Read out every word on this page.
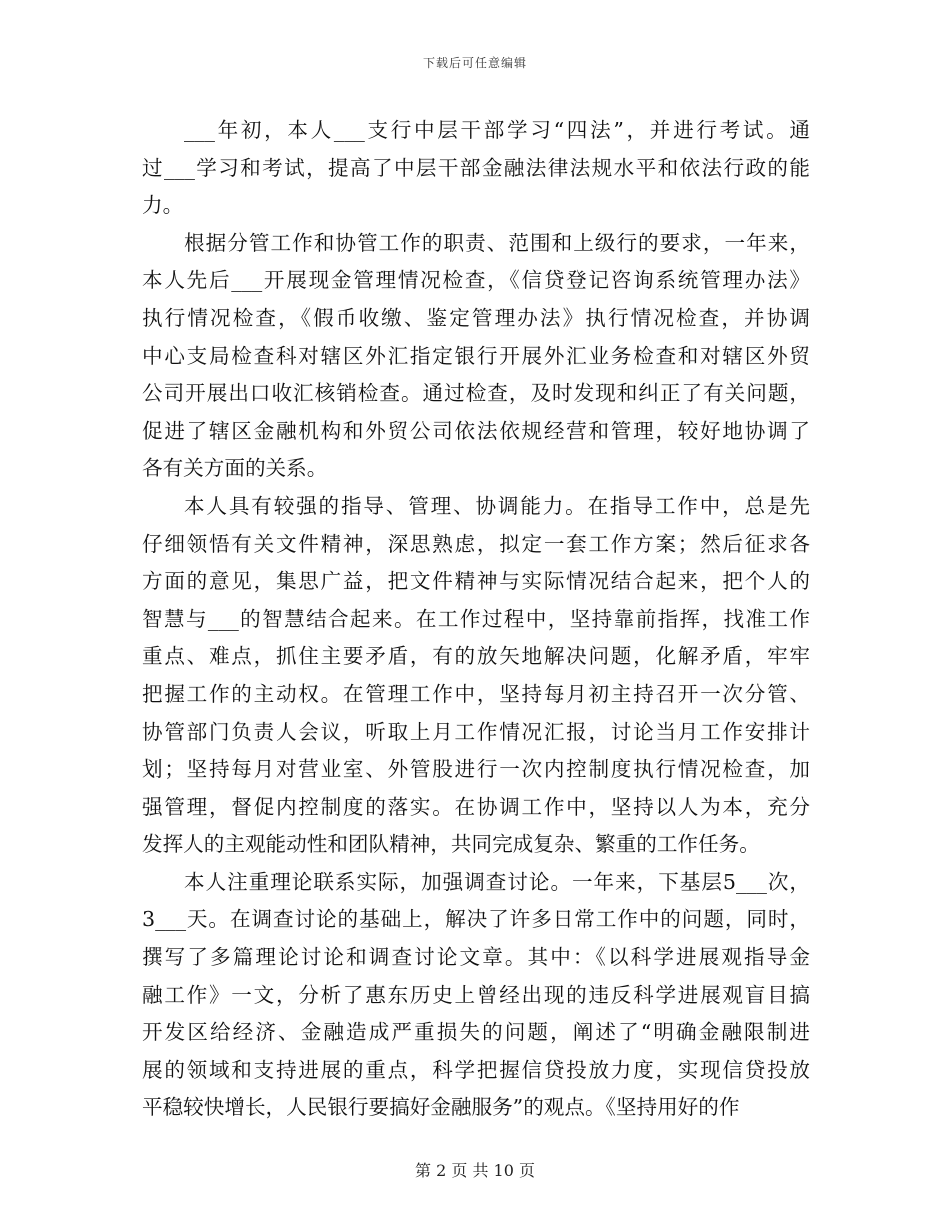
下载后可任意编辑
___年初，本人___支行中层干部学习“四法”，并进行考试。通
过___学习和考试，提高了中层干部金融法律法规水平和依法行政的能
力。
根据分管工作和协管工作的职责、范围和上级行的要求，一年来，
本人先后___开展现金管理情况检查，《信贷登记咨询系统管理办法》
执行情况检查，《假币收缴、鉴定管理办法》执行情况检查，并协调
中心支局检查科对辖区外汇指定银行开展外汇业务检查和对辖区外贸
公司开展出口收汇核销检查。通过检查，及时发现和纠正了有关问题，
促进了辖区金融机构和外贸公司依法依规经营和管理，较好地协调了
各有关方面的关系。
本人具有较强的指导、管理、协调能力。在指导工作中，总是先
仔细领悟有关文件精神，深思熟虑，拟定一套工作方案；然后征求各
方面的意见，集思广益，把文件精神与实际情况结合起来，把个人的
智慧与___的智慧结合起来。在工作过程中，坚持靠前指挥，找准工作
重点、难点，抓住主要矛盾，有的放矢地解决问题，化解矛盾，牢牢
把握工作的主动权。在管理工作中，坚持每月初主持召开一次分管、
协管部门负责人会议，听取上月工作情况汇报，讨论当月工作安排计
划；坚持每月对营业室、外管股进行一次内控制度执行情况检查，加
强管理，督促内控制度的落实。在协调工作中，坚持以人为本，充分
发挥人的主观能动性和团队精神，共同完成复杂、繁重的工作任务。
本人注重理论联系实际，加强调查讨论。一年来，下基层5___次，
3___天。在调查讨论的基础上，解决了许多日常工作中的问题，同时，
撰写了多篇理论讨论和调查讨论文章。其中：《以科学进展观指导金
融工作》一文，分析了惠东历史上曾经出现的违反科学进展观盲目搞
开发区给经济、金融造成严重损失的问题，阐述了“明确金融限制进
展的领域和支持进展的重点，科学把握信贷投放力度，实现信贷投放
平稳较快增长，人民银行要搞好金融服务”的观点。《坚持用好的作
第 2 页 共 10 页
